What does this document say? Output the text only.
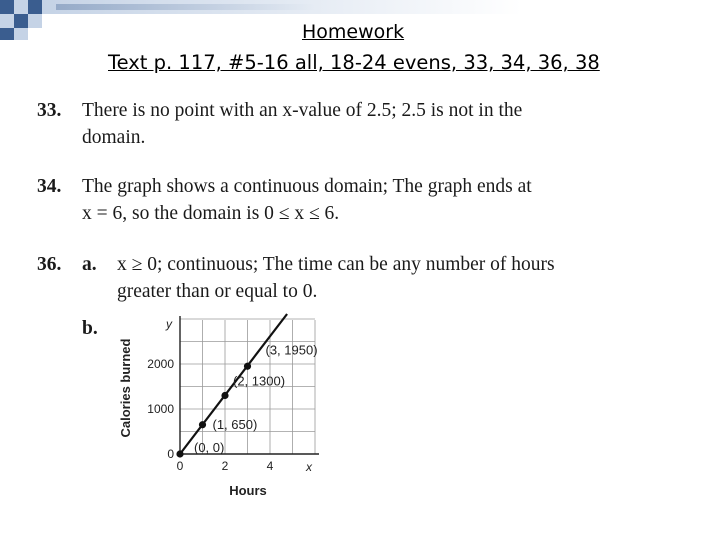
Homework
Text p. 117, #5-16 all, 18-24 evens, 33, 34, 36, 38
33. There is no point with an x-value of 2.5; 2.5 is not in the
domain.
34. The graph shows a continuous domain; The graph ends at
x = 6, so the domain is 0 ≤ x ≤ 6.
36. a. x ≥ 0; continuous; The time can be any number of hours
greater than or equal to 0.
b.
Calories burned
Hours
y
x
0	2	4
0
1000
2000
(0, 0)
(1, 650)
(2, 1300)
(3, 1950)
